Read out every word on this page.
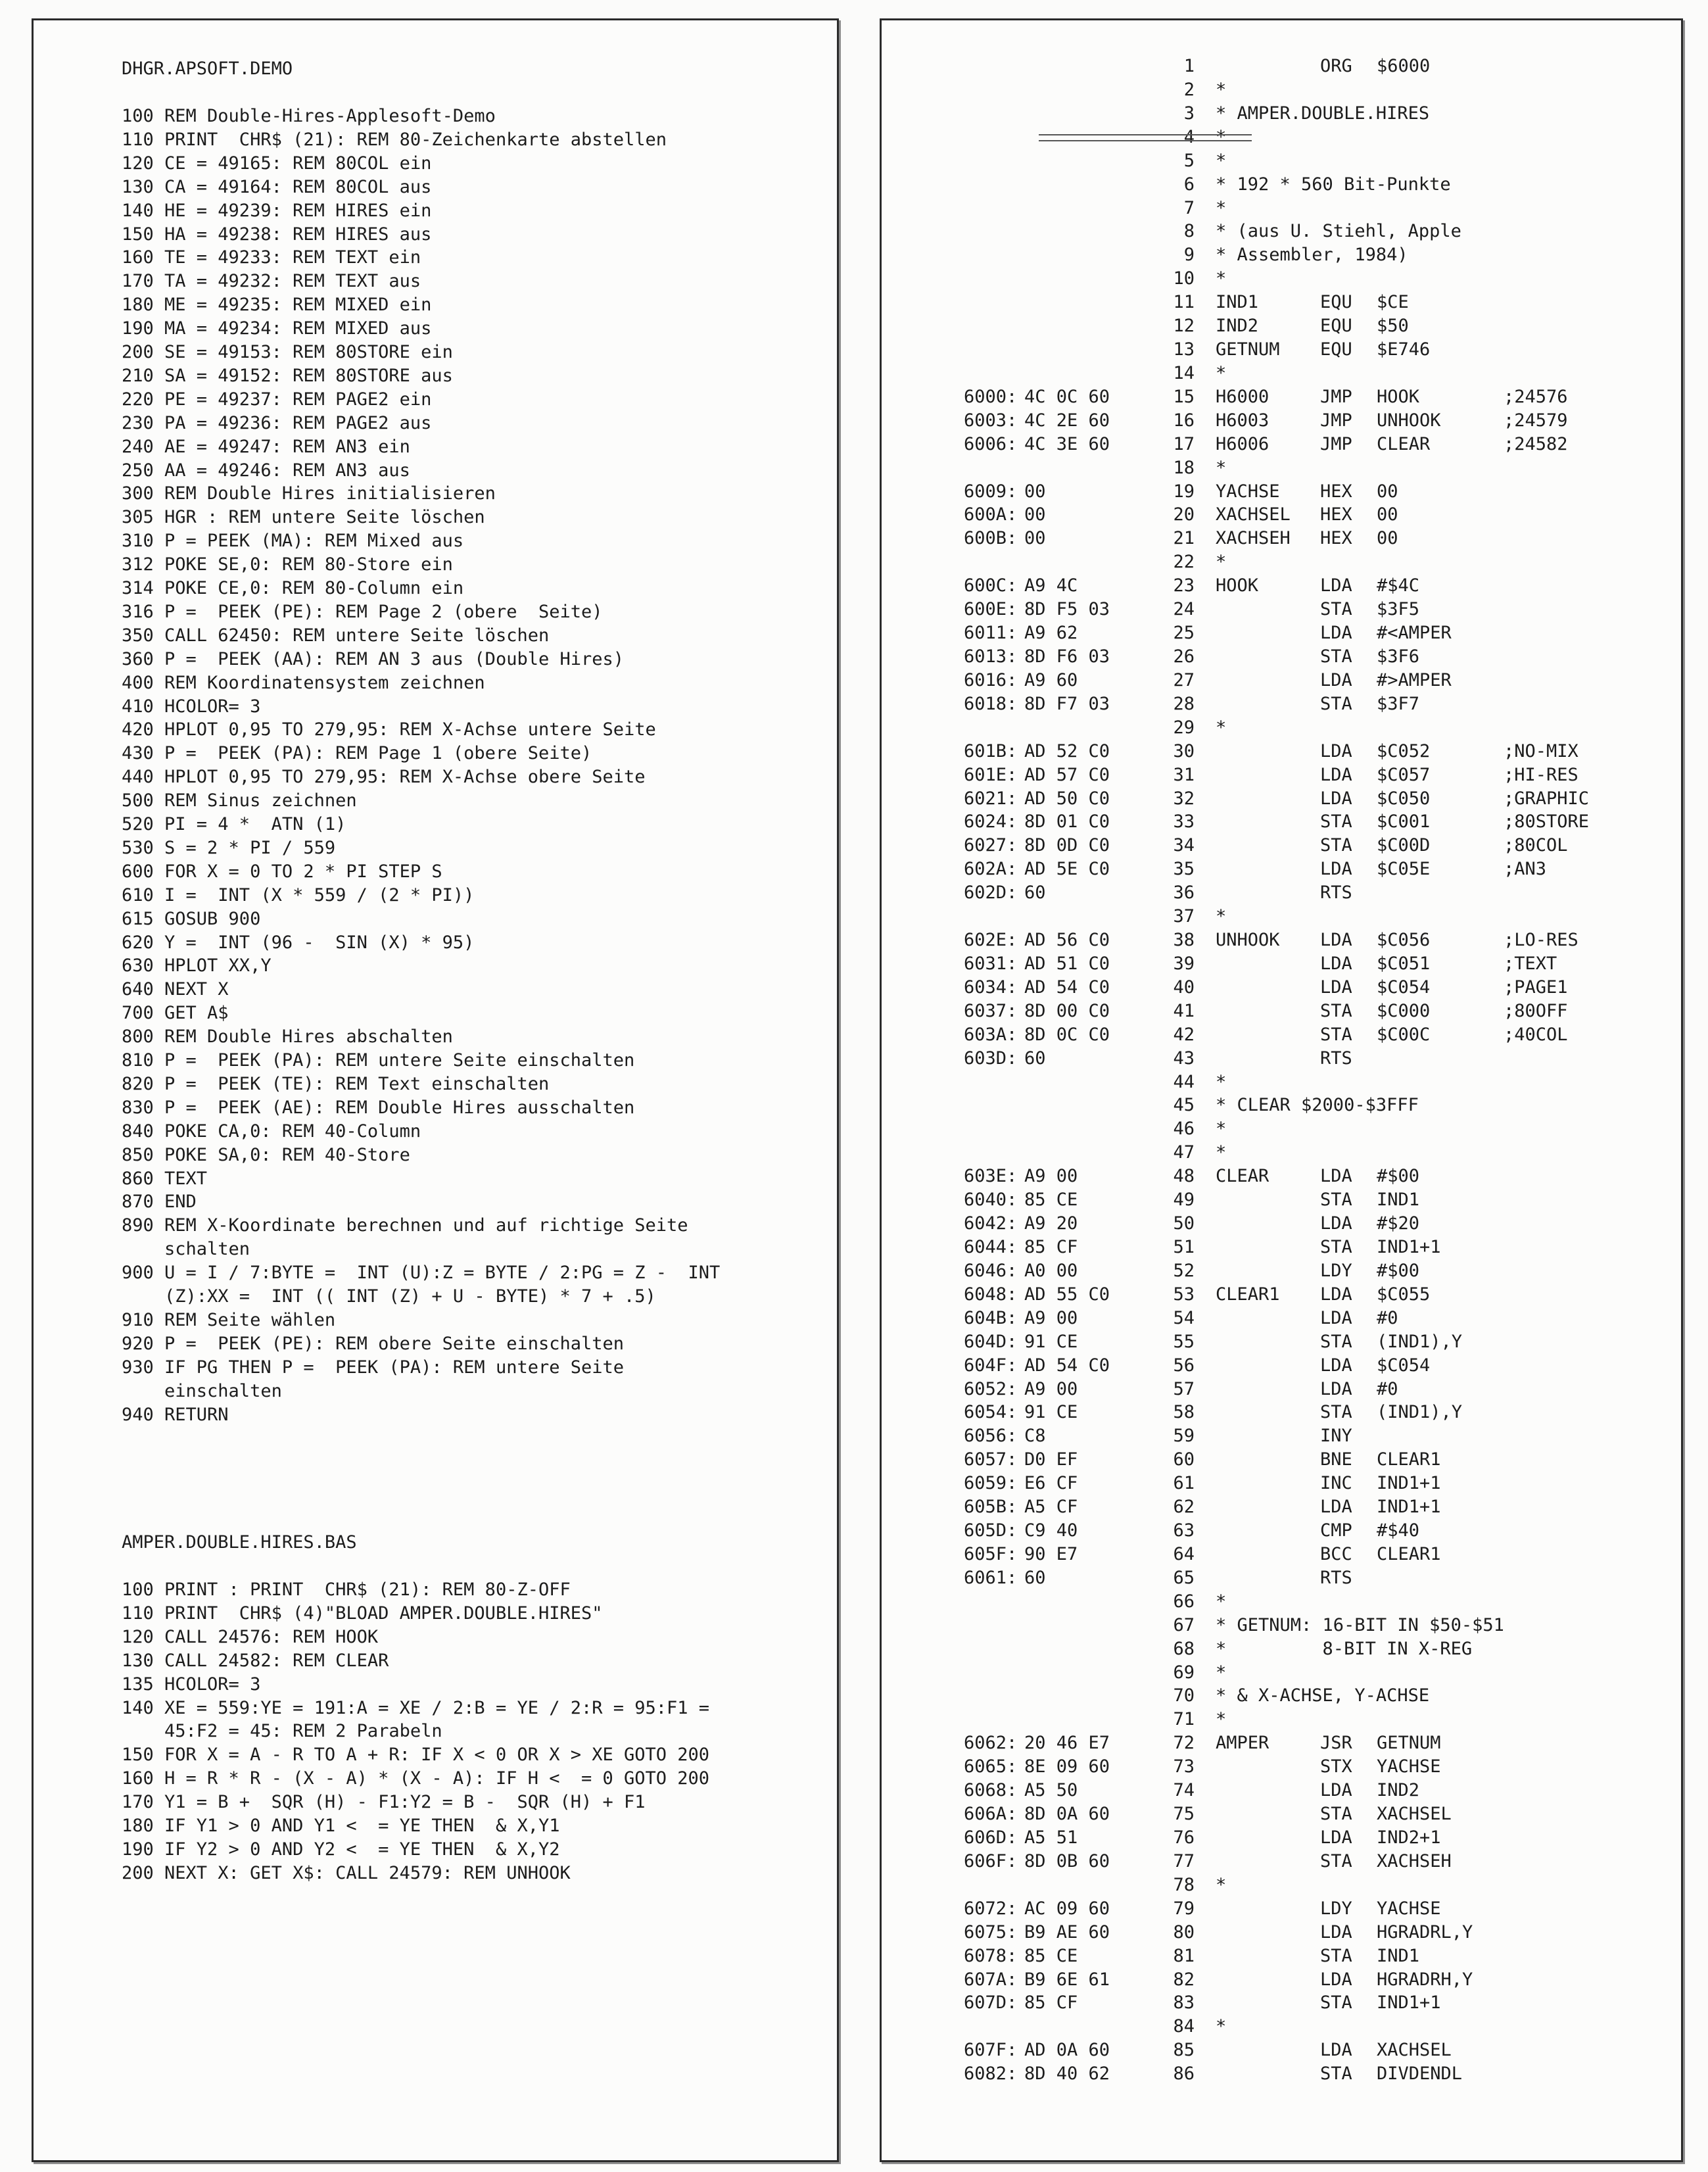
DHGR.APSOFT.DEMO
100 REM Double-Hires-Applesoft-Demo
110 PRINT  CHR$ (21): REM 80-Zeichenkarte abstellen
120 CE = 49165: REM 80COL ein
130 CA = 49164: REM 80COL aus
140 HE = 49239: REM HIRES ein
150 HA = 49238: REM HIRES aus
160 TE = 49233: REM TEXT ein
170 TA = 49232: REM TEXT aus
180 ME = 49235: REM MIXED ein
190 MA = 49234: REM MIXED aus
200 SE = 49153: REM 80STORE ein
210 SA = 49152: REM 80STORE aus
220 PE = 49237: REM PAGE2 ein
230 PA = 49236: REM PAGE2 aus
240 AE = 49247: REM AN3 ein
250 AA = 49246: REM AN3 aus
300 REM Double Hires initialisieren
305 HGR : REM untere Seite löschen
310 P = PEEK (MA): REM Mixed aus
312 POKE SE,0: REM 80-Store ein
314 POKE CE,0: REM 80-Column ein
316 P =  PEEK (PE): REM Page 2 (obere  Seite)
350 CALL 62450: REM untere Seite löschen
360 P =  PEEK (AA): REM AN 3 aus (Double Hires)
400 REM Koordinatensystem zeichnen
410 HCOLOR= 3
420 HPLOT 0,95 TO 279,95: REM X-Achse untere Seite
430 P =  PEEK (PA): REM Page 1 (obere Seite)
440 HPLOT 0,95 TO 279,95: REM X-Achse obere Seite
500 REM Sinus zeichnen
520 PI = 4 *  ATN (1)
530 S = 2 * PI / 559
600 FOR X = 0 TO 2 * PI STEP S
610 I =  INT (X * 559 / (2 * PI))
615 GOSUB 900
620 Y =  INT (96 -  SIN (X) * 95)
630 HPLOT XX,Y
640 NEXT X
700 GET A$
800 REM Double Hires abschalten
810 P =  PEEK (PA): REM untere Seite einschalten
820 P =  PEEK (TE): REM Text einschalten
830 P =  PEEK (AE): REM Double Hires ausschalten
840 POKE CA,0: REM 40-Column
850 POKE SA,0: REM 40-Store
860 TEXT
870 END
890 REM X-Koordinate berechnen und auf richtige Seite
schalten
900 U = I / 7:BYTE =  INT (U):Z = BYTE / 2:PG = Z -  INT
(Z):XX =  INT (( INT (Z) + U - BYTE) * 7 + .5)
910 REM Seite wählen
920 P =  PEEK (PE): REM obere Seite einschalten
930 IF PG THEN P =  PEEK (PA): REM untere Seite
einschalten
940 RETURN
AMPER.DOUBLE.HIRES.BAS
100 PRINT : PRINT  CHR$ (21): REM 80-Z-OFF
110 PRINT  CHR$ (4)"BLOAD AMPER.DOUBLE.HIRES"
120 CALL 24576: REM HOOK
130 CALL 24582: REM CLEAR
135 HCOLOR= 3
140 XE = 559:YE = 191:A = XE / 2:B = YE / 2:R = 95:F1 =
45:F2 = 45: REM 2 Parabeln
150 FOR X = A - R TO A + R: IF X < 0 OR X > XE GOTO 200
160 H = R * R - (X - A) * (X - A): IF H <  = 0 GOTO 200
170 Y1 = B +  SQR (H) - F1:Y2 = B -  SQR (H) + F1
180 IF Y1 > 0 AND Y1 <  = YE THEN  & X,Y1
190 IF Y2 > 0 AND Y2 <  = YE THEN  & X,Y2
200 NEXT X: GET X$: CALL 24579: REM UNHOOK
1	ORG $6000
2 *
3 * AMPER.DOUBLE.HIRES
4 *
5 *
6 * 192 * 560 Bit-Punkte
7 *
8 * (aus U. Stiehl, Apple
9 * Assembler, 1984)
10 *
11 IND1	EQU $CE
12 IND2	EQU $50
13 GETNUM EQU $E746
14 *
6000: 4C 0C 60	15 H6000	JMP HOOK	;24576
6003: 4C 2E 60	16 H6003	JMP UNHOOK	;24579
6006: 4C 3E 60	17 H6006	JMP CLEAR	;24582
18 *
6009: 00	19 YACHSE HEX 00
600A: 00	20 XACHSEL HEX 00
600B: 00	21 XACHSEH HEX 00
22 *
600C: A9 4C	23 HOOK	LDA #$4C
600E: 8D F5 03	24	STA $3F5
6011: A9 62	25	LDA #<AMPER
6013: 8D F6 03	26	STA $3F6
6016: A9 60	27	LDA #>AMPER
6018: 8D F7 03	28	STA $3F7
29 *
601B: AD 52 C0	30	LDA $C052	;NO-MIX
601E: AD 57 C0	31	LDA $C057	;HI-RES
6021: AD 50 C0	32	LDA $C050	;GRAPHIC
6024: 8D 01 C0	33	STA $C001	;80STORE
6027: 8D 0D C0	34	STA $C00D	;80COL
602A: AD 5E C0	35	LDA $C05E	;AN3
602D: 60	36	RTS
37 *
602E: AD 56 C0	38 UNHOOK LDA $C056	;LO-RES
6031: AD 51 C0	39	LDA $C051	;TEXT
6034: AD 54 C0	40	LDA $C054	;PAGE1
6037: 8D 00 C0	41	STA $C000	;80OFF
603A: 8D 0C C0	42	STA $C00C	;40COL
603D: 60	43	RTS
44 *
45 * CLEAR $2000-$3FFF
46 *
47 *
603E: A9 00	48 CLEAR	LDA #$00
6040: 85 CE	49	STA IND1
6042: A9 20	50	LDA #$20
6044: 85 CF	51	STA IND1+1
6046: A0 00	52	LDY #$00
6048: AD 55 C0	53 CLEAR1 LDA $C055
604B: A9 00	54	LDA #0
604D: 91 CE	55	STA (IND1),Y
604F: AD 54 C0	56	LDA $C054
6052: A9 00	57	LDA #0
6054: 91 CE	58	STA (IND1),Y
6056: C8	59	INY
6057: D0 EF	60	BNE CLEAR1
6059: E6 CF	61	INC IND1+1
605B: A5 CF	62	LDA IND1+1
605D: C9 40	63	CMP #$40
605F: 90 E7	64	BCC CLEAR1
6061: 60	65	RTS
66 *
67 * GETNUM: 16-BIT IN $50-$51
68 *         8-BIT IN X-REG
69 *
70 * & X-ACHSE, Y-ACHSE
71 *
6062: 20 46 E7	72 AMPER	JSR GETNUM
6065: 8E 09 60	73	STX YACHSE
6068: A5 50	74	LDA IND2
606A: 8D 0A 60	75	STA XACHSEL
606D: A5 51	76	LDA IND2+1
606F: 8D 0B 60	77	STA XACHSEH
78 *
6072: AC 09 60	79	LDY YACHSE
6075: B9 AE 60	80	LDA HGRADRL,Y
6078: 85 CE	81	STA IND1
607A: B9 6E 61	82	LDA HGRADRH,Y
607D: 85 CF	83	STA IND1+1
84 *
607F: AD 0A 60	85	LDA XACHSEL
6082: 8D 40 62	86	STA DIVDENDL
